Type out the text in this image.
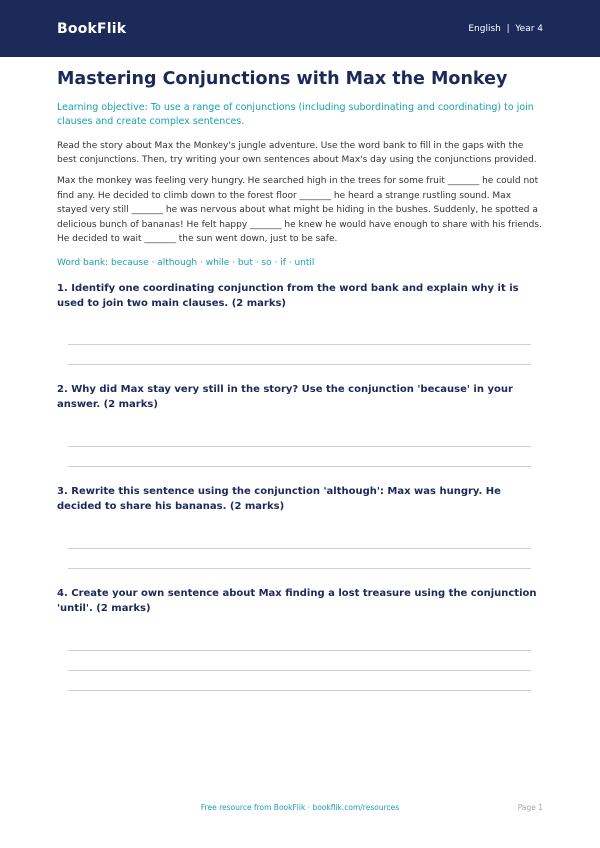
BookFlik	English  |  Year 4
Mastering Conjunctions with Max the Monkey

Learning objective: To use a range of conjunctions (including subordinating and coordinating) to join clauses and create complex sentences.

Read the story about Max the Monkey's jungle adventure. Use the word bank to fill in the gaps with the best conjunctions. Then, try writing your own sentences about Max's day using the conjunctions provided.

Max the monkey was feeling very hungry. He searched high in the trees for some fruit _______ he could not find any. He decided to climb down to the forest floor _______ he heard a strange rustling sound. Max stayed very still _______ he was nervous about what might be hiding in the bushes. Suddenly, he spotted a delicious bunch of bananas! He felt happy _______ he knew he would have enough to share with his friends. He decided to wait _______ the sun went down, just to be safe.

Word bank: because · although · while · but · so · if · until

1. Identify one coordinating conjunction from the word bank and explain why it is used to join two main clauses. (2 marks)
2. Why did Max stay very still in the story? Use the conjunction 'because' in your answer. (2 marks)
3. Rewrite this sentence using the conjunction 'although': Max was hungry. He decided to share his bananas. (2 marks)
4. Create your own sentence about Max finding a lost treasure using the conjunction 'until'. (2 marks)
Free resource from BookFlik · bookflik.com/resources	Page 1
